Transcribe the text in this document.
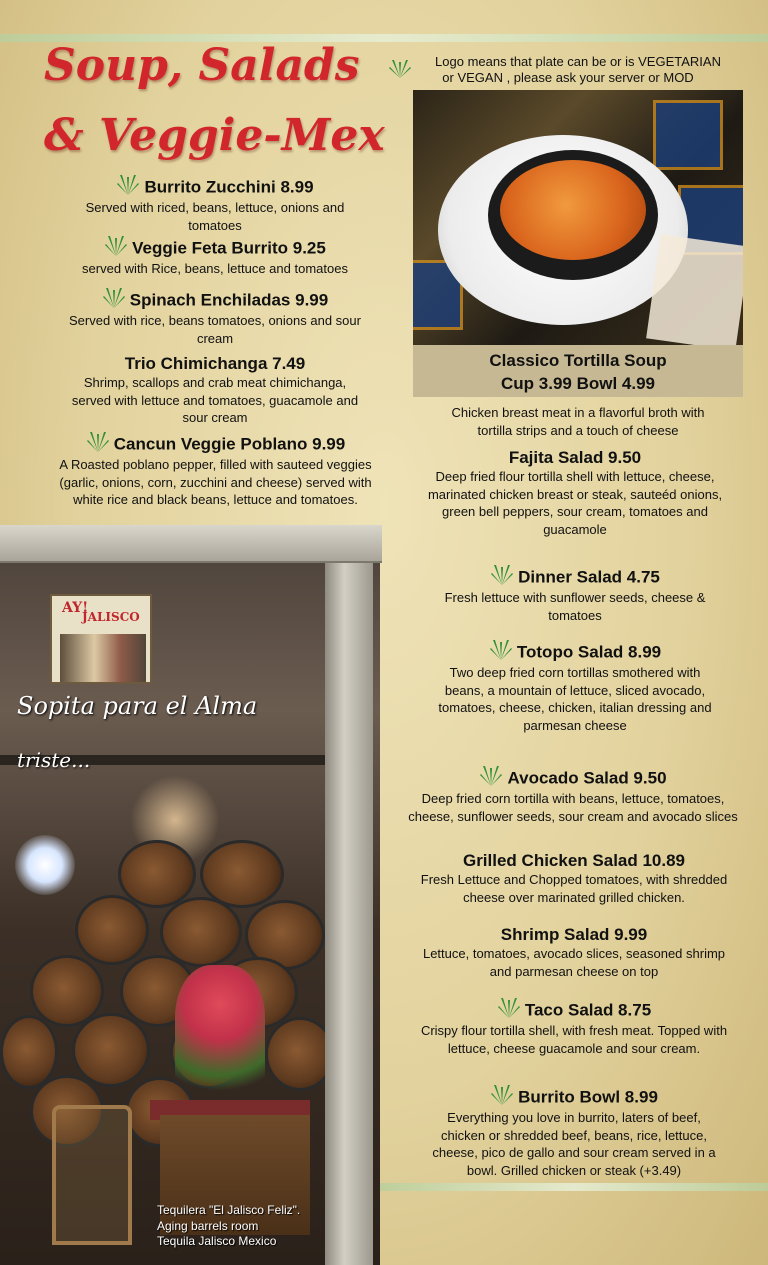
Soup, Salads
& Veggie-Mex
Logo means that plate can be or is VEGETARIAN
or VEGAN , please ask your server or MOD
Classico Tortilla Soup
Cup 3.99 Bowl 4.99
Chicken breast meat in a flavorful broth with
tortilla strips and a touch of cheese
Burrito Zucchini 8.99
Served with riced, beans, lettuce, onions and
tomatoes
Veggie Feta Burrito 9.25
served with Rice, beans, lettuce and tomatoes
Spinach Enchiladas 9.99
Served with rice, beans tomatoes, onions and sour
cream
Trio Chimichanga 7.49
Shrimp, scallops and crab meat chimichanga,
served with lettuce and tomatoes, guacamole and
sour cream
Cancun Veggie Poblano 9.99
A Roasted poblano pepper, filled with sauteed veggies
(garlic, onions, corn, zucchini and cheese) served with
white rice and black beans, lettuce and tomatoes.
Fajita Salad 9.50
Deep fried flour tortilla shell with lettuce, cheese,
marinated chicken breast or steak, sauteéd onions,
green bell peppers, sour cream, tomatoes and
guacamole
Dinner Salad 4.75
Fresh lettuce with sunflower seeds, cheese &
tomatoes
Totopo Salad 8.99
Two deep fried corn tortillas smothered with
beans, a mountain of lettuce, sliced avocado,
tomatoes, cheese, chicken, italian dressing and
parmesan cheese
Avocado Salad 9.50
Deep fried corn tortilla with beans, lettuce, tomatoes,
cheese, sunflower seeds, sour cream and avocado slices
Grilled Chicken Salad 10.89
Fresh Lettuce and Chopped tomatoes, with shredded
cheese over marinated grilled chicken.
Shrimp Salad 9.99
Lettuce, tomatoes, avocado slices, seasoned shrimp
and parmesan cheese on top
Taco Salad 8.75
Crispy flour tortilla shell, with fresh meat. Topped with
lettuce, cheese guacamole and sour cream.
Burrito Bowl 8.99
Everything you love in burrito, laters of beef,
chicken or shredded beef, beans, rice, lettuce,
cheese, pico de gallo and sour cream served in a
bowl. Grilled chicken or steak (+3.49)
AY!
JALISCO
Sopita para el Alma
triste...
Tequilera "El Jalisco Feliz".
Aging barrels room
Tequila Jalisco Mexico
